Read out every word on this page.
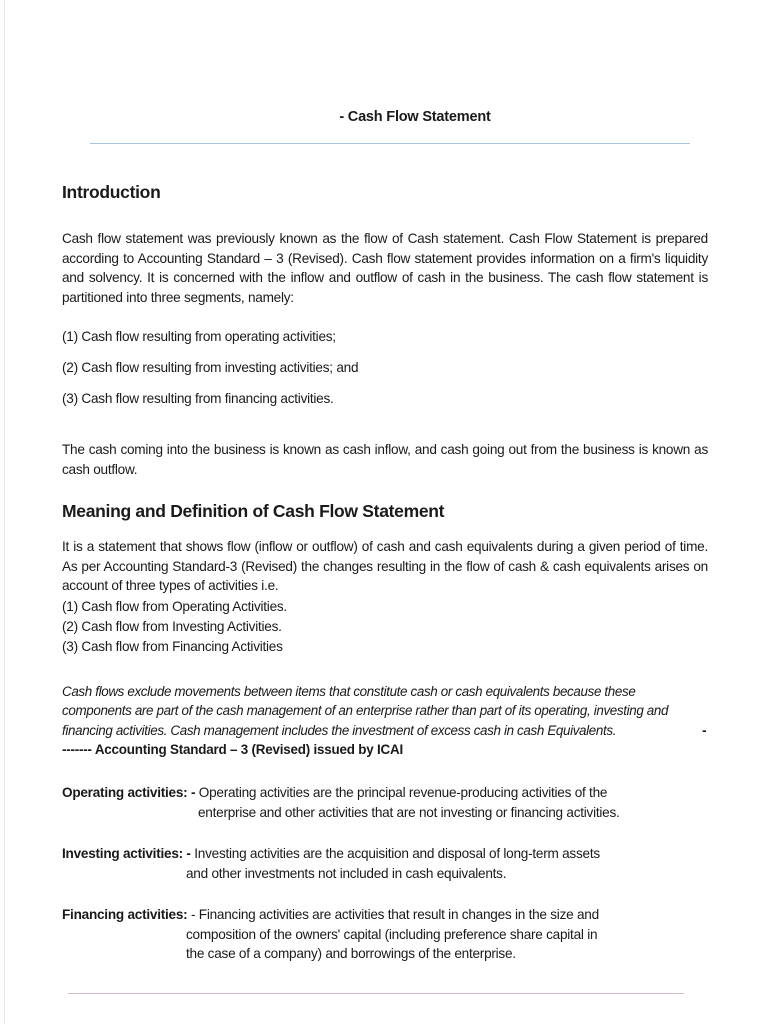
- Cash Flow Statement
Introduction

Cash flow statement was previously known as the flow of Cash statement. Cash Flow Statement is prepared according to Accounting Standard – 3 (Revised). Cash flow statement provides information on a firm's liquidity and solvency. It is concerned with the inflow and outflow of cash in the business. The cash flow statement is partitioned into three segments, namely:

(1) Cash flow resulting from operating activities;

(2) Cash flow resulting from investing activities; and

(3) Cash flow resulting from financing activities.

The cash coming into the business is known as cash inflow, and cash going out from the business is known as cash outflow.

Meaning and Definition of Cash Flow Statement

It is a statement that shows flow (inflow or outflow) of cash and cash equivalents during a given period of time. As per Accounting Standard-3 (Revised) the changes resulting in the flow of cash & cash equivalents arises on account of three types of activities i.e.

(1) Cash flow from Operating Activities.

(2) Cash flow from Investing Activities.

(3) Cash flow from Financing Activities

Cash flows exclude movements between items that constitute cash or cash equivalents because these components are part of the cash management of an enterprise rather than part of its operating, investing and financing activities. Cash management includes the investment of excess cash in cash Equivalents.	-------- Accounting Standard – 3 (Revised) issued by ICAI

Operating activities: - Operating activities are the principal revenue-producing activities of the
enterprise and other activities that are not investing or financing activities.
Investing activities: - Investing activities are the acquisition and disposal of long-term assets
and other investments not included in cash equivalents.
Financing activities: - Financing activities are activities that result in changes in the size and
composition of the owners' capital (including preference share capital in
the case of a company) and borrowings of the enterprise.
